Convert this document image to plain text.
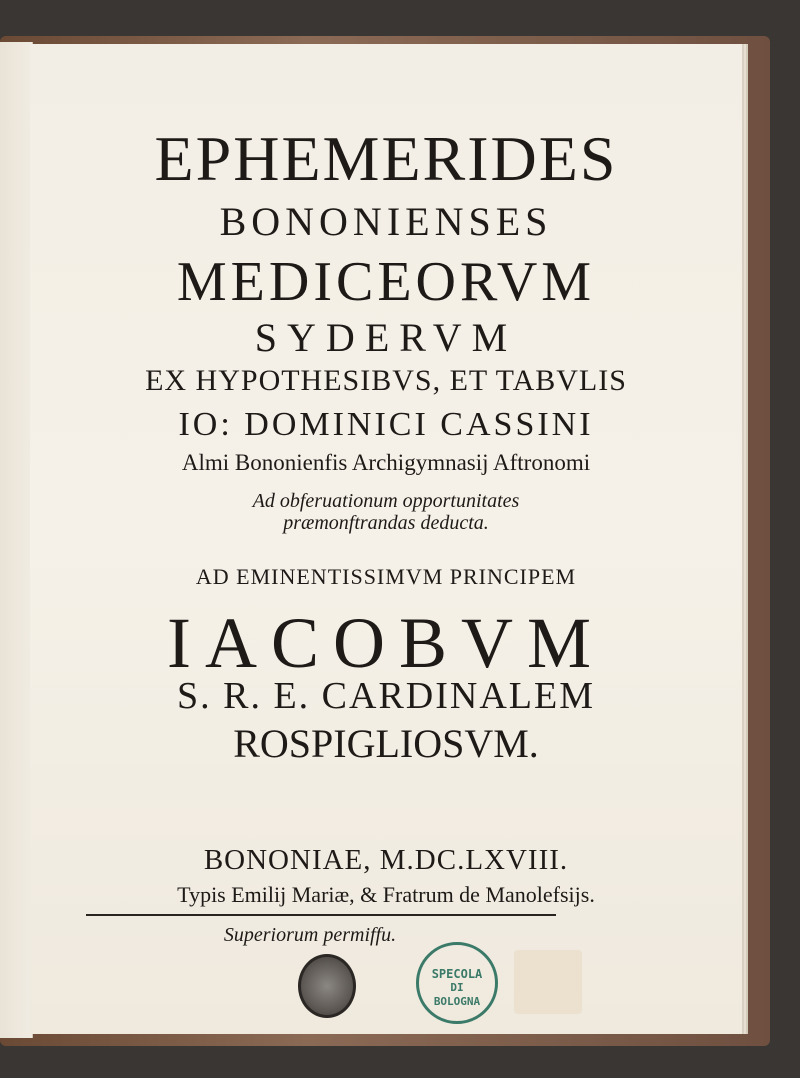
EPHEMERIDES

BONONIENSES

MEDICEORVM

SYDERVM

EX HYPOTHESIBVS, ET TABVLIS

IO: DOMINICI CASSINI

Almi Bononienfis Archigymnasij Aftronomi

Ad obferuationum opportunitates præmonftrandas deducta.

AD EMINENTISSIMVM PRINCIPEM

IACOBVM

S. R. E. CARDINALEM

ROSPIGLIOSVM.

BONONIAE, M.DC.LXVIII.

Typis Emilij Mariæ, & Fratrum de Manolefsijs.

Superiorum permiffu.

SPECOLA
DI
BOLOGNA
